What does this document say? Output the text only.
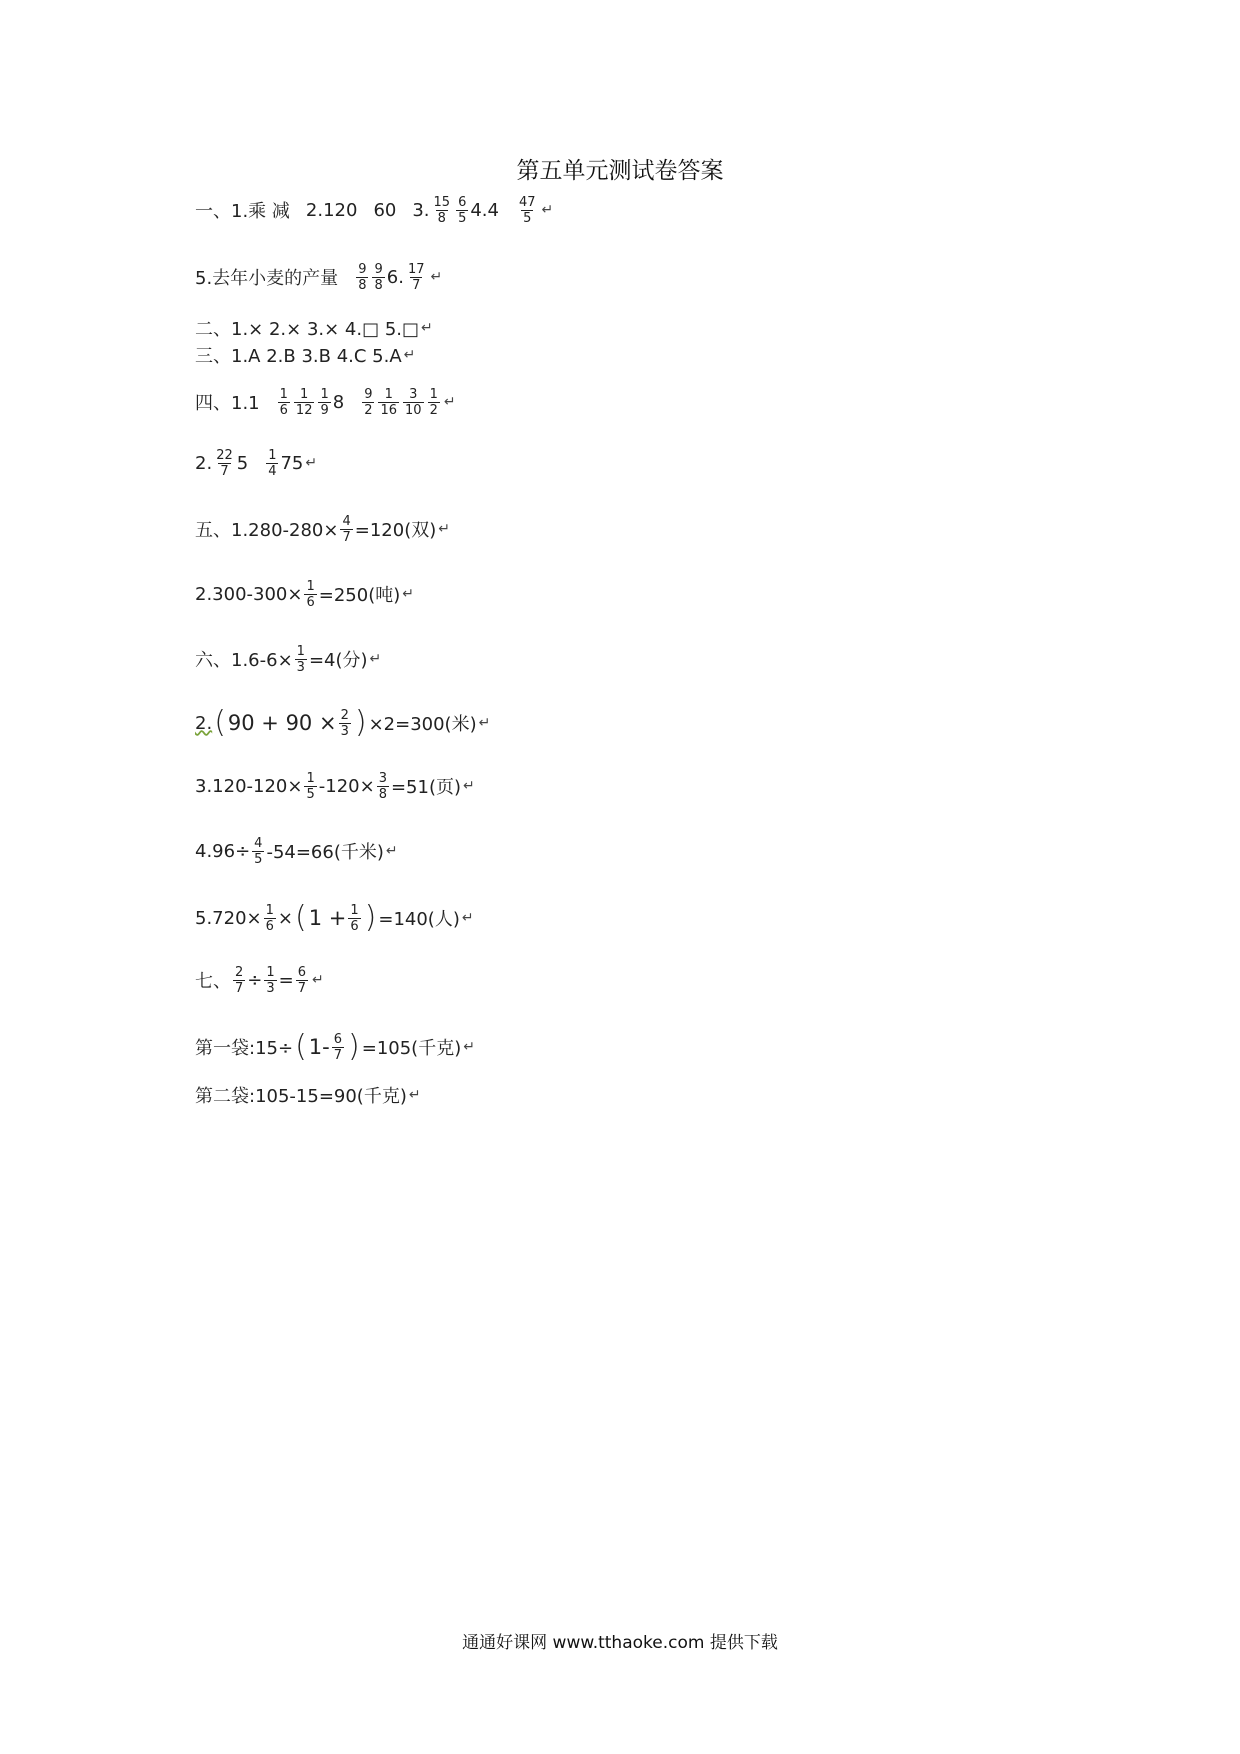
第五单元测试卷答案
一、1.乘 减 2.120 60 3. $\frac{15}{8} \frac{6}{5} 4.4 \frac{47}{5}$ ↵
5.去年小麦的产量 $\frac{9}{8} \frac{9}{8} 6$. $\frac{17}{7}$ ↵
二、1.× 2.× 3.× 4.□ 5.□ ↵
三、1.A 2.B 3.B 4.C 5.A ↵
四、$1.1 \frac{1}{6} \frac{1}{12} \frac{1}{9} 8 \frac{9}{2} \frac{1}{16} \frac{3}{10} \frac{1}{2}$ ↵
2. $\frac{22}{7} 5 \frac{1}{4} 75$ ↵
五、$1.280-280\times \frac{4}{7} =120$(双) ↵
$2.300-300\times \frac{1}{6} =250$(吨) ↵
六、$1.6-6\times \frac{1}{3} =4$(分) ↵
2. ( $90 + 90 \times \frac{2}{3}$ ) ×2=300(米) ↵
$3.120-120\times \frac{1}{5} -120\times \frac{3}{8} =51$(页) ↵
$4.96\div \frac{4}{5} -54=66$(千米) ↵
$5.720\times \frac{1}{6}$ × ( $1 + \frac{1}{6}$ ) =140(人) ↵
七、 $\frac{2}{7} \div \frac{1}{3} = \frac{6}{7}$ ↵
第一袋:15÷ ( $1- \frac{6}{7}$ ) =105(千克) ↵
第二袋:105-15=90(千克) ↵
通通好课网 www.tthaoke.com 提供下载
